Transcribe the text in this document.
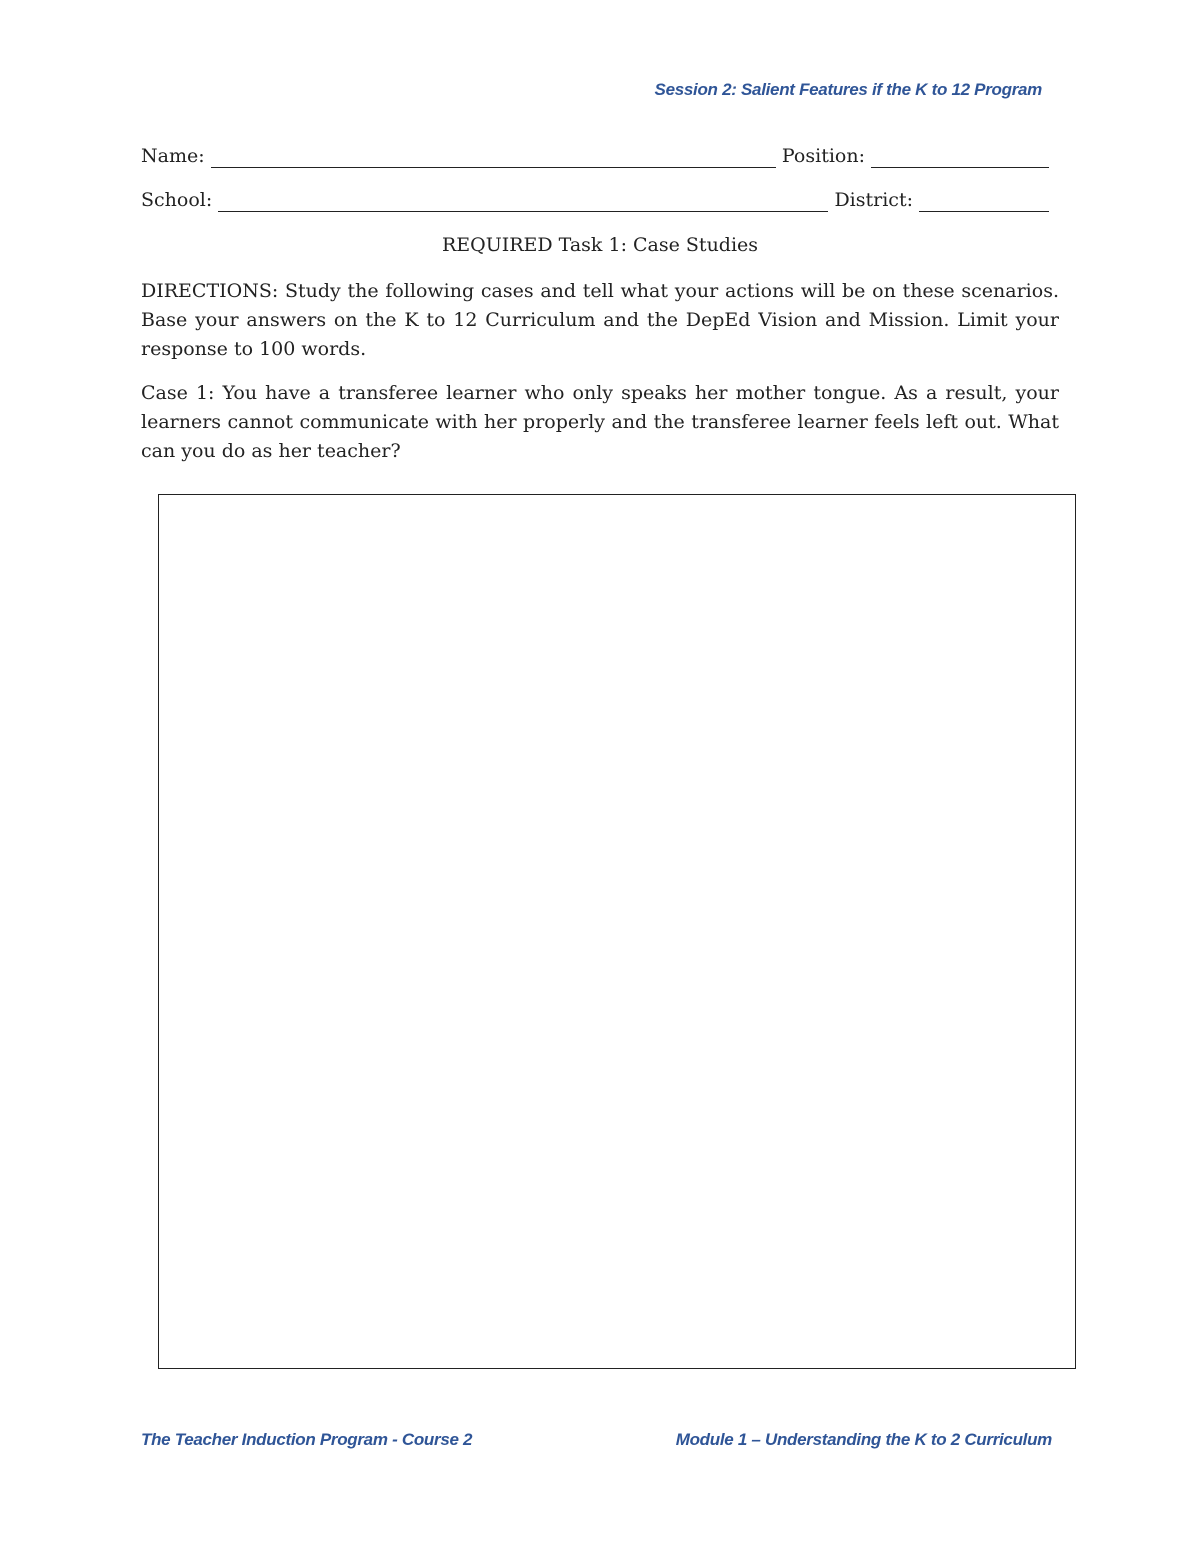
Session 2: Salient Features if the K to 12 Program
Name:	Position:
School:	District:
REQUIRED Task 1: Case Studies

DIRECTIONS: Study the following cases and tell what your actions will be on these scenarios. Base your answers on the K to 12 Curriculum and the DepEd Vision and Mission. Limit your response to 100 words.

Case 1: You have a transferee learner who only speaks her mother tongue. As a result, your learners cannot communicate with her properly and the transferee learner feels left out. What can you do as her teacher?

The Teacher Induction Program - Course 2	Module 1 – Understanding the K to 2 Curriculum
